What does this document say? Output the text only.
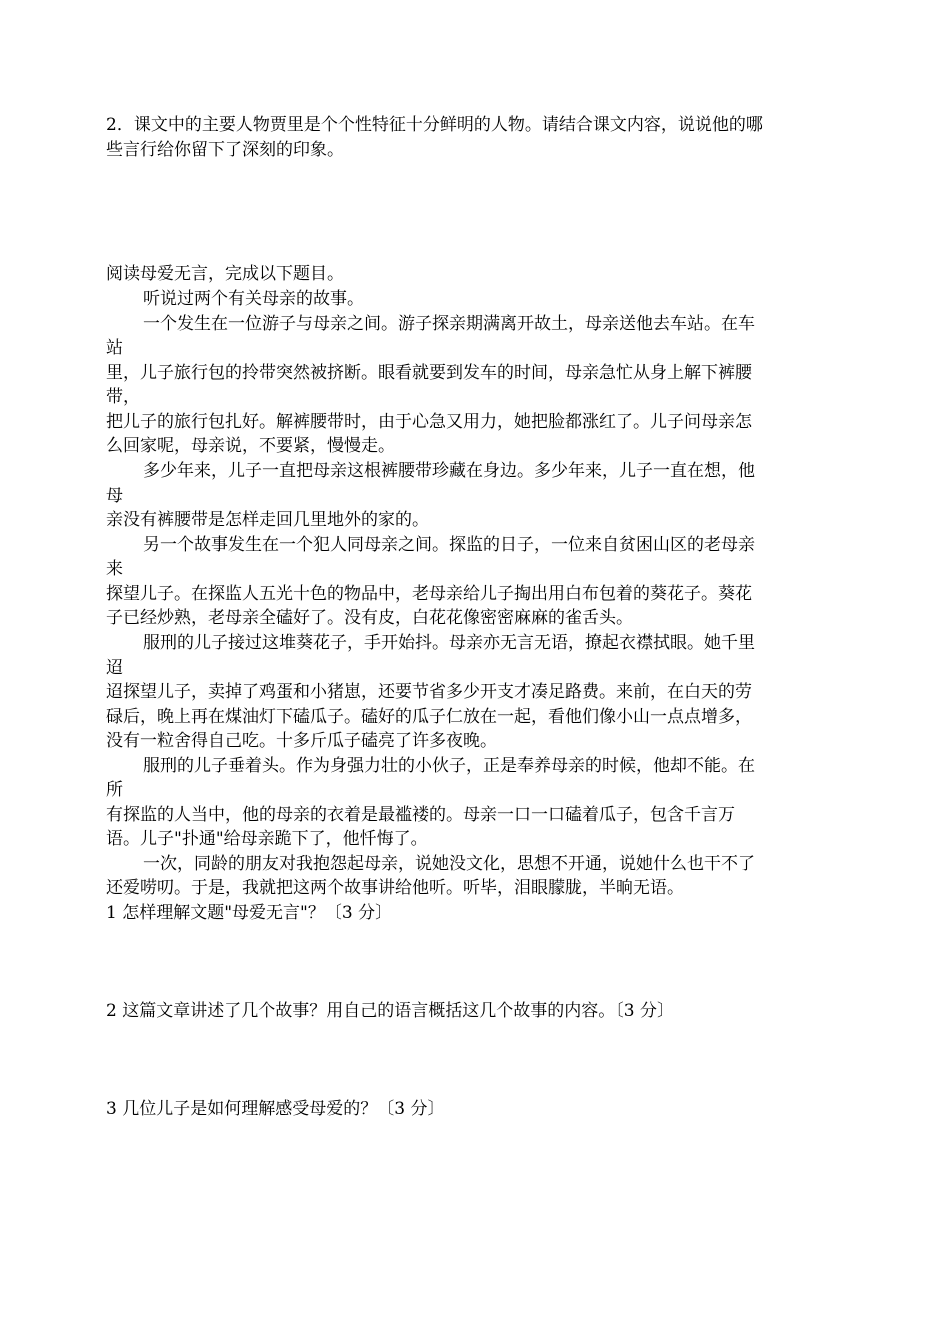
2．课文中的主要人物贾里是个个性特征十分鲜明的人物。请结合课文内容，说说他的哪
些言行给你留下了深刻的印象。
阅读母爱无言，完成以下题目。
听说过两个有关母亲的故事。
一个发生在一位游子与母亲之间。游子探亲期满离开故土，母亲送他去车站。在车
站
里，儿子旅行包的拎带突然被挤断。眼看就要到发车的时间，母亲急忙从身上解下裤腰
带，
把儿子的旅行包扎好。解裤腰带时，由于心急又用力，她把脸都涨红了。儿子问母亲怎
么回家呢，母亲说，不要紧，慢慢走。
多少年来，儿子一直把母亲这根裤腰带珍藏在身边。多少年来，儿子一直在想，他
母
亲没有裤腰带是怎样走回几里地外的家的。
另一个故事发生在一个犯人同母亲之间。探监的日子，一位来自贫困山区的老母亲
来
探望儿子。在探监人五光十色的物品中，老母亲给儿子掏出用白布包着的葵花子。葵花
子已经炒熟，老母亲全磕好了。没有皮，白花花像密密麻麻的雀舌头。
服刑的儿子接过这堆葵花子，手开始抖。母亲亦无言无语，撩起衣襟拭眼。她千里
迢
迢探望儿子，卖掉了鸡蛋和小猪崽，还要节省多少开支才凑足路费。来前，在白天的劳
碌后，晚上再在煤油灯下磕瓜子。磕好的瓜子仁放在一起，看他们像小山一点点增多，
没有一粒舍得自己吃。十多斤瓜子磕亮了许多夜晚。
服刑的儿子垂着头。作为身强力壮的小伙子，正是奉养母亲的时候，他却不能。在
所
有探监的人当中，他的母亲的衣着是最褴褛的。母亲一口一口磕着瓜子，包含千言万
语。儿子"扑通"给母亲跪下了，他忏悔了。
一次，同龄的朋友对我抱怨起母亲，说她没文化，思想不开通，说她什么也干不了
还爱唠叨。于是，我就把这两个故事讲给他听。听毕，泪眼朦胧，半晌无语。
1 怎样理解文题"母爱无言"？〔3 分〕
2 这篇文章讲述了几个故事？用自己的语言概括这几个故事的内容。〔3 分〕
3 几位儿子是如何理解感受母爱的？〔3 分〕
